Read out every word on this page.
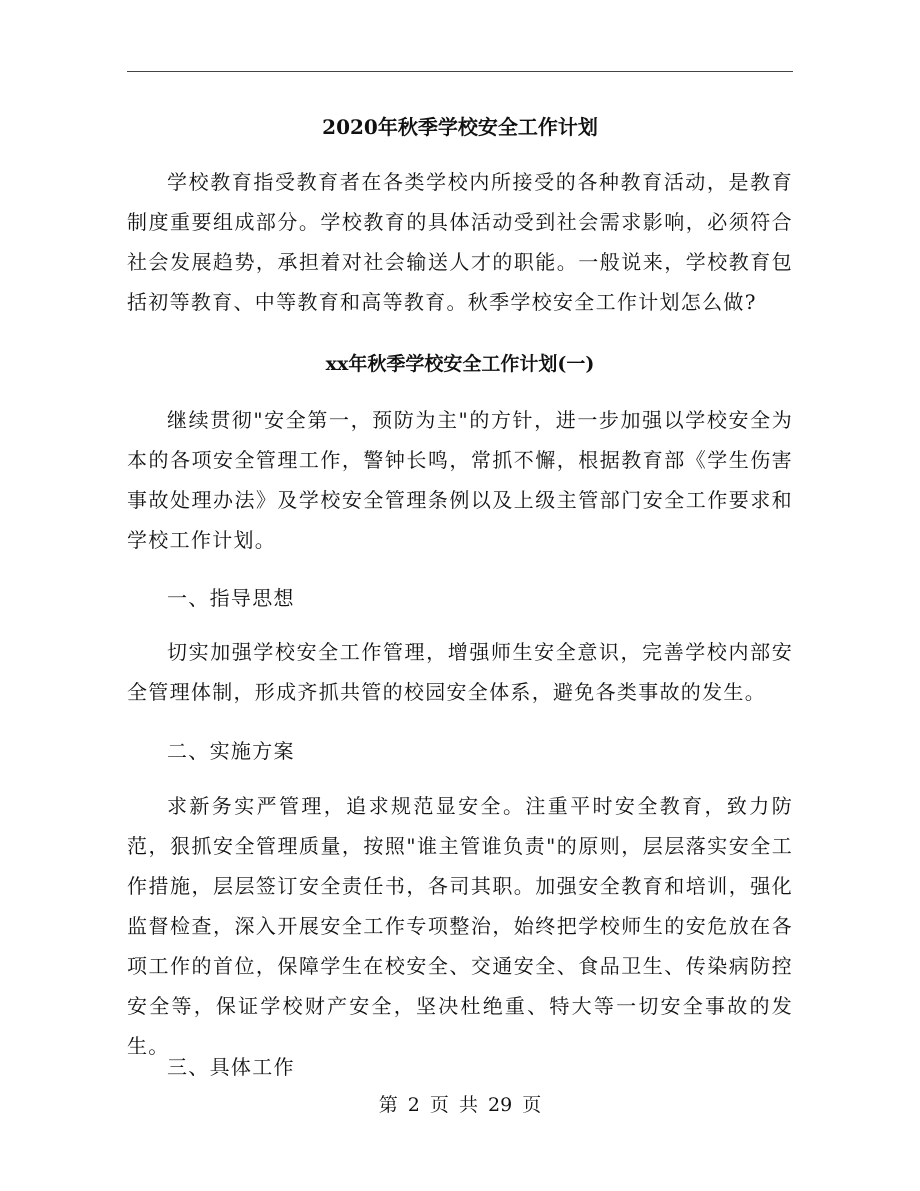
2020年秋季学校安全工作计划

学校教育指受教育者在各类学校内所接受的各种教育活动，是教育制度重要组成部分。学校教育的具体活动受到社会需求影响，必须符合社会发展趋势，承担着对社会输送人才的职能。一般说来，学校教育包括初等教育、中等教育和高等教育。秋季学校安全工作计划怎么做?

xx年秋季学校安全工作计划(一)

继续贯彻"安全第一，预防为主"的方针，进一步加强以学校安全为本的各项安全管理工作，警钟长鸣，常抓不懈，根据教育部《学生伤害事故处理办法》及学校安全管理条例以及上级主管部门安全工作要求和学校工作计划。

一、指导思想

切实加强学校安全工作管理，增强师生安全意识，完善学校内部安全管理体制，形成齐抓共管的校园安全体系，避免各类事故的发生。

二、实施方案

求新务实严管理，追求规范显安全。注重平时安全教育，致力防范，狠抓安全管理质量，按照"谁主管谁负责"的原则，层层落实安全工作措施，层层签订安全责任书，各司其职。加强安全教育和培训，强化监督检查，深入开展安全工作专项整治，始终把学校师生的安危放在各项工作的首位，保障学生在校安全、交通安全、食品卫生、传染病防控安全等，保证学校财产安全，坚决杜绝重、特大等一切安全事故的发生。

三、具体工作

第 2 页 共 29 页
